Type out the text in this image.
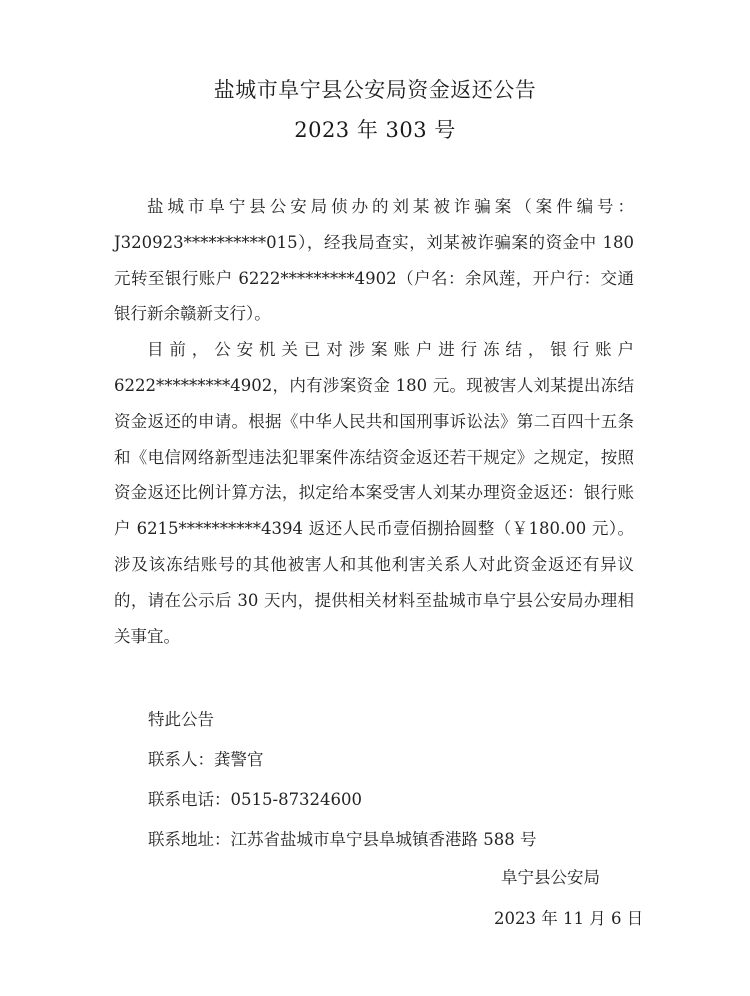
盐城市阜宁县公安局资金返还公告
2023 年 303 号

盐城市阜宁县公安局侦办的刘某被诈骗案（案件编号：J320923**********015），经我局查实，刘某被诈骗案的资金中 180 元转至银行账户 6222*********4902（户名：余风莲，开户行：交通银行新余赣新支行）。

目前，公安机关已对涉案账户进行冻结，银行账户 6222*********4902，内有涉案资金 180 元。现被害人刘某提出冻结资金返还的申请。根据《中华人民共和国刑事诉讼法》第二百四十五条和《电信网络新型违法犯罪案件冻结资金返还若干规定》之规定，按照资金返还比例计算方法，拟定给本案受害人刘某办理资金返还：银行账户 6215**********4394 返还人民币壹佰捌拾圆整（￥180.00 元）。涉及该冻结账号的其他被害人和其他利害关系人对此资金返还有异议的，请在公示后 30 天内，提供相关材料至盐城市阜宁县公安局办理相关事宜。

特此公告
联系人：龚警官
联系电话：0515-87324600
联系地址：江苏省盐城市阜宁县阜城镇香港路 588 号
阜宁县公安局
2023 年 11 月 6 日
